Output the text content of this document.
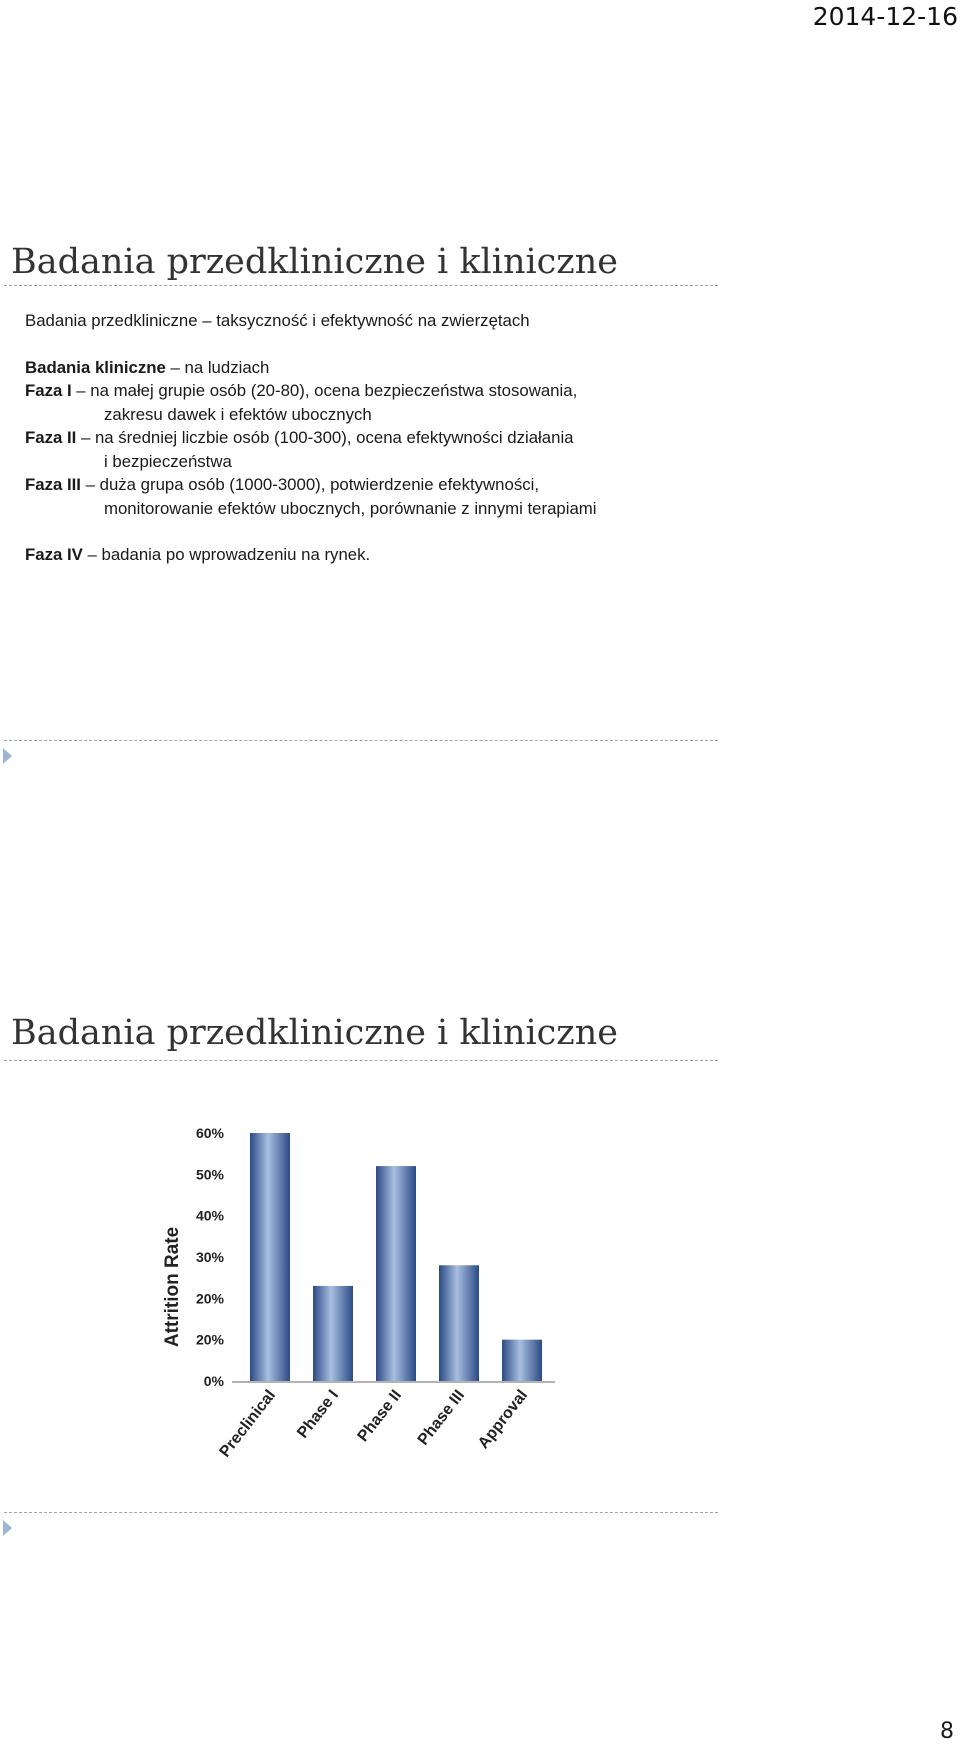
2014-12-16
Badania przedkliniczne i kliniczne
Badania przedkliniczne – taksyczność i efektywność na zwierzętach
Badania kliniczne – na ludziach
Faza I – na małej grupie osób (20-80), ocena bezpieczeństwa stosowania,
zakresu dawek i efektów ubocznych
Faza II – na średniej liczbie osób (100-300), ocena efektywności działania
i bezpieczeństwa
Faza III – duża grupa osób (1000-3000), potwierdzenie efektywności,
monitorowanie efektów ubocznych, porównanie z innymi terapiami
Faza IV – badania po wprowadzeniu na rynek.
Badania przedkliniczne i kliniczne
0%
20%
20%
30%
40%
50%
60%
Preclinical Phase I Phase II Phase III Approval
Attrition Rate
8
